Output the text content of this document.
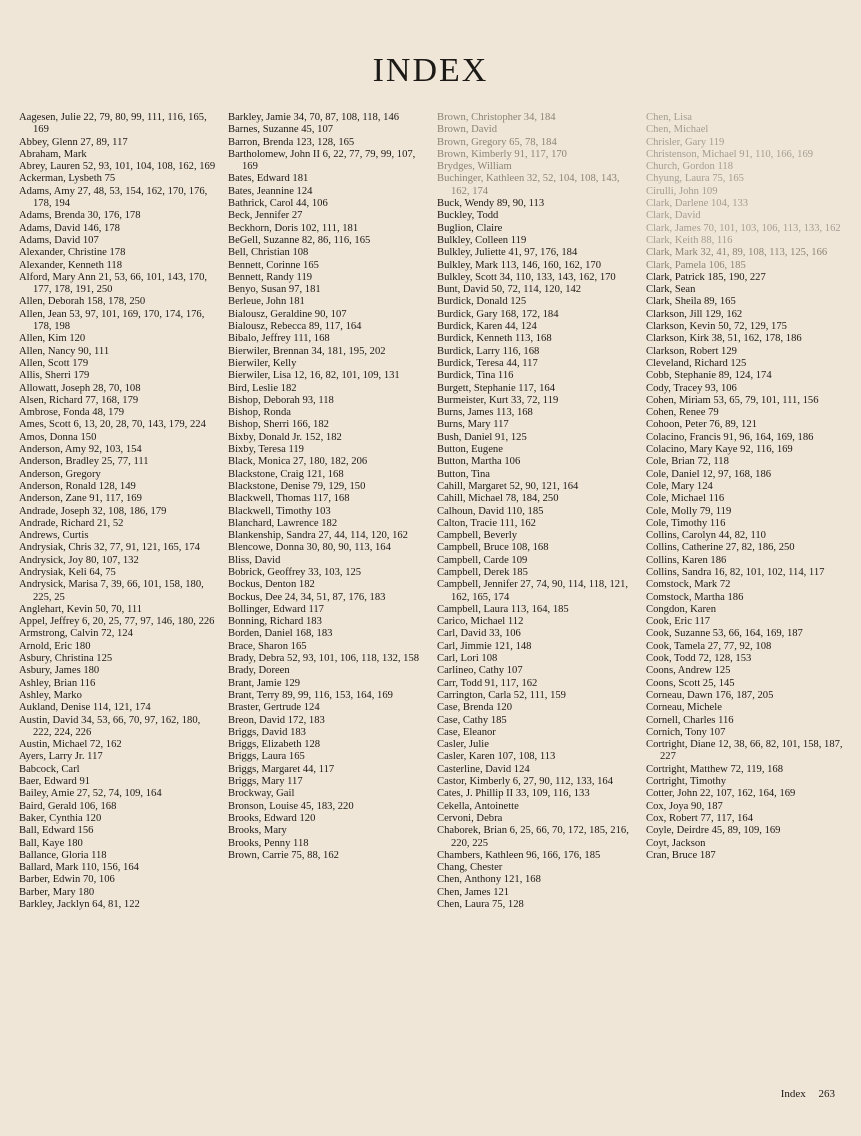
INDEX
Aagesen, Julie 22, 79, 80, 99, 111, 116, 165, 169
Abbey, Glenn 27, 89, 117
Abraham, Mark
Abrey, Lauren 52, 93, 101, 104, 108, 162, 169
Ackerman, Lysbeth 75
Adams, Amy 27, 48, 53, 154, 162, 170, 176, 178, 194
Adams, Brenda 30, 176, 178
Adams, David 146, 178
Adams, David 107
Alexander, Christine 178
Alexander, Kenneth 118
Alford, Mary Ann 21, 53, 66, 101, 143, 170, 177, 178, 191, 250
Allen, Deborah 158, 178, 250
Allen, Jean 53, 97, 101, 169, 170, 174, 176, 178, 198
Allen, Kim 120
Allen, Nancy 90, 111
Allen, Scott 179
Allis, Sherri 179
Allowatt, Joseph 28, 70, 108
Alsen, Richard 77, 168, 179
Ambrose, Fonda 48, 179
Ames, Scott 6, 13, 20, 28, 70, 143, 179, 224
Amos, Donna 150
Anderson, Amy 92, 103, 154
Anderson, Bradley 25, 77, 111
Anderson, Gregory
Anderson, Ronald 128, 149
Anderson, Zane 91, 117, 169
Andrade, Joseph 32, 108, 186, 179
Andrade, Richard 21, 52
Andrews, Curtis
Andrysiak, Chris 32, 77, 91, 121, 165, 174
Andrysick, Joy 80, 107, 132
Andrysiak, Keli 64, 75
Andrysick, Marisa 7, 39, 66, 101, 158, 180, 225, 25
Anglehart, Kevin 50, 70, 111
Appel, Jeffrey 6, 20, 25, 77, 97, 146, 180, 226
Armstrong, Calvin 72, 124
Arnold, Eric 180
Asbury, Christina 125
Asbury, James 180
Ashley, Brian 116
Ashley, Marko
Aukland, Denise 114, 121, 174
Austin, David 34, 53, 66, 70, 97, 162, 180, 222, 224, 226
Austin, Michael 72, 162
Ayers, Larry Jr. 117
Babcock, Carl
Baer, Edward 91
Bailey, Amie 27, 52, 74, 109, 164
Baird, Gerald 106, 168
Baker, Cynthia 120
Ball, Edward 156
Ball, Kaye 180
Ballance, Gloria 118
Ballard, Mark 110, 156, 164
Barber, Edwin 70, 106
Barber, Mary 180
Barkley, Jacklyn 64, 81, 122
Barkley, Jamie 34, 70, 87, 108, 118, 146
Barnes, Suzanne 45, 107
Barron, Brenda 123, 128, 165
Bartholomew, John II 6, 22, 77, 79, 99, 107, 169
Bates, Edward 181
Bates, Jeannine 124
Bathrick, Carol 44, 106
Beck, Jennifer 27
Beckhorn, Doris 102, 111, 181
BeGell, Suzanne 82, 86, 116, 165
Bell, Christian 108
Bennett, Corinne 165
Bennett, Randy 119
Benyo, Susan 97, 181
Berleue, John 181
Bialousz, Geraldine 90, 107
Bialousz, Rebecca 89, 117, 164
Bibalo, Jeffrey 111, 168
Bierwiler, Brennan 34, 181, 195, 202
Bierwiler, Kelly
Bierwiler, Lisa 12, 16, 82, 101, 109, 131
Bird, Leslie 182
Bishop, Deborah 93, 118
Bishop, Ronda
Bishop, Sherri 166, 182
Bixby, Donald Jr. 152, 182
Bixby, Teresa 119
Black, Monica 27, 180, 182, 206
Blackstone, Craig 121, 168
Blackstone, Denise 79, 129, 150
Blackwell, Thomas 117, 168
Blackwell, Timothy 103
Blanchard, Lawrence 182
Blankenship, Sandra 27, 44, 114, 120, 162
Blencowe, Donna 30, 80, 90, 113, 164
Bliss, David
Bobrick, Geoffrey 33, 103, 125
Bockus, Denton 182
Bockus, Dee 24, 34, 51, 87, 176, 183
Bollinger, Edward 117
Bonning, Richard 183
Borden, Daniel 168, 183
Brace, Sharon 165
Brady, Debra 52, 93, 101, 106, 118, 132, 158
Brady, Doreen
Brant, Jamie 129
Brant, Terry 89, 99, 116, 153, 164, 169
Braster, Gertrude 124
Breon, David 172, 183
Briggs, David 183
Briggs, Elizabeth 128
Briggs, Laura 165
Briggs, Margaret 44, 117
Briggs, Mary 117
Brockway, Gail
Bronson, Louise 45, 183, 220
Brooks, Edward 120
Brooks, Mary
Brooks, Penny 118
Brown, Carrie 75, 88, 162
Brown, Christopher 34, 184
Brown, David
Brown, Gregory 65, 78, 184
Brown, Kimberly 91, 117, 170
Brydges, William
Buchinger, Kathleen 32, 52, 104, 108, 143, 162, 174
Buck, Wendy 89, 90, 113
Buckley, Todd
Buglion, Claire
Bulkley, Colleen 119
Bulkley, Juliette 41, 97, 176, 184
Bulkley, Mark 113, 146, 160, 162, 170
Bulkley, Scott 34, 110, 133, 143, 162, 170
Bunt, David 50, 72, 114, 120, 142
Burdick, Donald 125
Burdick, Gary 168, 172, 184
Burdick, Karen 44, 124
Burdick, Kenneth 113, 168
Burdick, Larry 116, 168
Burdick, Teresa 44, 117
Burdick, Tina 116
Burgett, Stephanie 117, 164
Burmeister, Kurt 33, 72, 119
Burns, James 113, 168
Burns, Mary 117
Bush, Daniel 91, 125
Button, Eugene
Button, Martha 106
Button, Tina
Cahill, Margaret 52, 90, 121, 164
Cahill, Michael 78, 184, 250
Calhoun, David 110, 185
Calton, Tracie 111, 162
Campbell, Beverly
Campbell, Bruce 108, 168
Campbell, Carde 109
Campbell, Derek 185
Campbell, Jennifer 27, 74, 90, 114, 118, 121, 162, 165, 174
Campbell, Laura 113, 164, 185
Carico, Michael 112
Carl, David 33, 106
Carl, Jimmie 121, 148
Carl, Lori 108
Carlineo, Cathy 107
Carr, Todd 91, 117, 162
Carrington, Carla 52, 111, 159
Case, Brenda 120
Case, Cathy 185
Case, Eleanor
Casler, Julie
Casler, Karen 107, 108, 113
Casterline, David 124
Castor, Kimberly 6, 27, 90, 112, 133, 164
Cates, J. Phillip II 33, 109, 116, 133
Cekella, Antoinette
Cervoni, Debra
Chaborek, Brian 6, 25, 66, 70, 172, 185, 216, 220, 225
Chambers, Kathleen 96, 166, 176, 185
Chang, Chester
Chen, Anthony 121, 168
Chen, James 121
Chen, Laura 75, 128
Chen, Lisa
Chen, Michael
Chrisler, Gary 119
Christenson, Michael 91, 110, 166, 169
Church, Gordon 118
Chyung, Laura 75, 165
Cirulli, John 109
Clark, Darlene 104, 133
Clark, David
Clark, James 70, 101, 103, 106, 113, 133, 162
Clark, Keith 88, 116
Clark, Mark 32, 41, 89, 108, 113, 125, 166
Clark, Pamela 106, 185
Clark, Patrick 185, 190, 227
Clark, Sean
Clark, Sheila 89, 165
Clarkson, Jill 129, 162
Clarkson, Kevin 50, 72, 129, 175
Clarkson, Kirk 38, 51, 162, 178, 186
Clarkson, Robert 129
Cleveland, Richard 125
Cobb, Stephanie 89, 124, 174
Cody, Tracey 93, 106
Cohen, Miriam 53, 65, 79, 101, 111, 156
Cohen, Renee 79
Cohoon, Peter 76, 89, 121
Colacino, Francis 91, 96, 164, 169, 186
Colacino, Mary Kaye 92, 116, 169
Cole, Brian 72, 118
Cole, Daniel 12, 97, 168, 186
Cole, Mary 124
Cole, Michael 116
Cole, Molly 79, 119
Cole, Timothy 116
Collins, Carolyn 44, 82, 110
Collins, Catherine 27, 82, 186, 250
Collins, Karen 186
Collins, Sandra 16, 82, 101, 102, 114, 117
Comstock, Mark 72
Comstock, Martha 186
Congdon, Karen
Cook, Eric 117
Cook, Suzanne 53, 66, 164, 169, 187
Cook, Tamela 27, 77, 92, 108
Cook, Todd 72, 128, 153
Coons, Andrew 125
Coons, Scott 25, 145
Corneau, Dawn 176, 187, 205
Corneau, Michele
Cornell, Charles 116
Cornich, Tony 107
Cortright, Diane 12, 38, 66, 82, 101, 158, 187, 227
Cortright, Matthew 72, 119, 168
Cortright, Timothy
Cotter, John 22, 107, 162, 164, 169
Cox, Joya 90, 187
Cox, Robert 77, 117, 164
Coyle, Deirdre 45, 89, 109, 169
Coyt, Jackson
Cran, Bruce 187
Index 263
